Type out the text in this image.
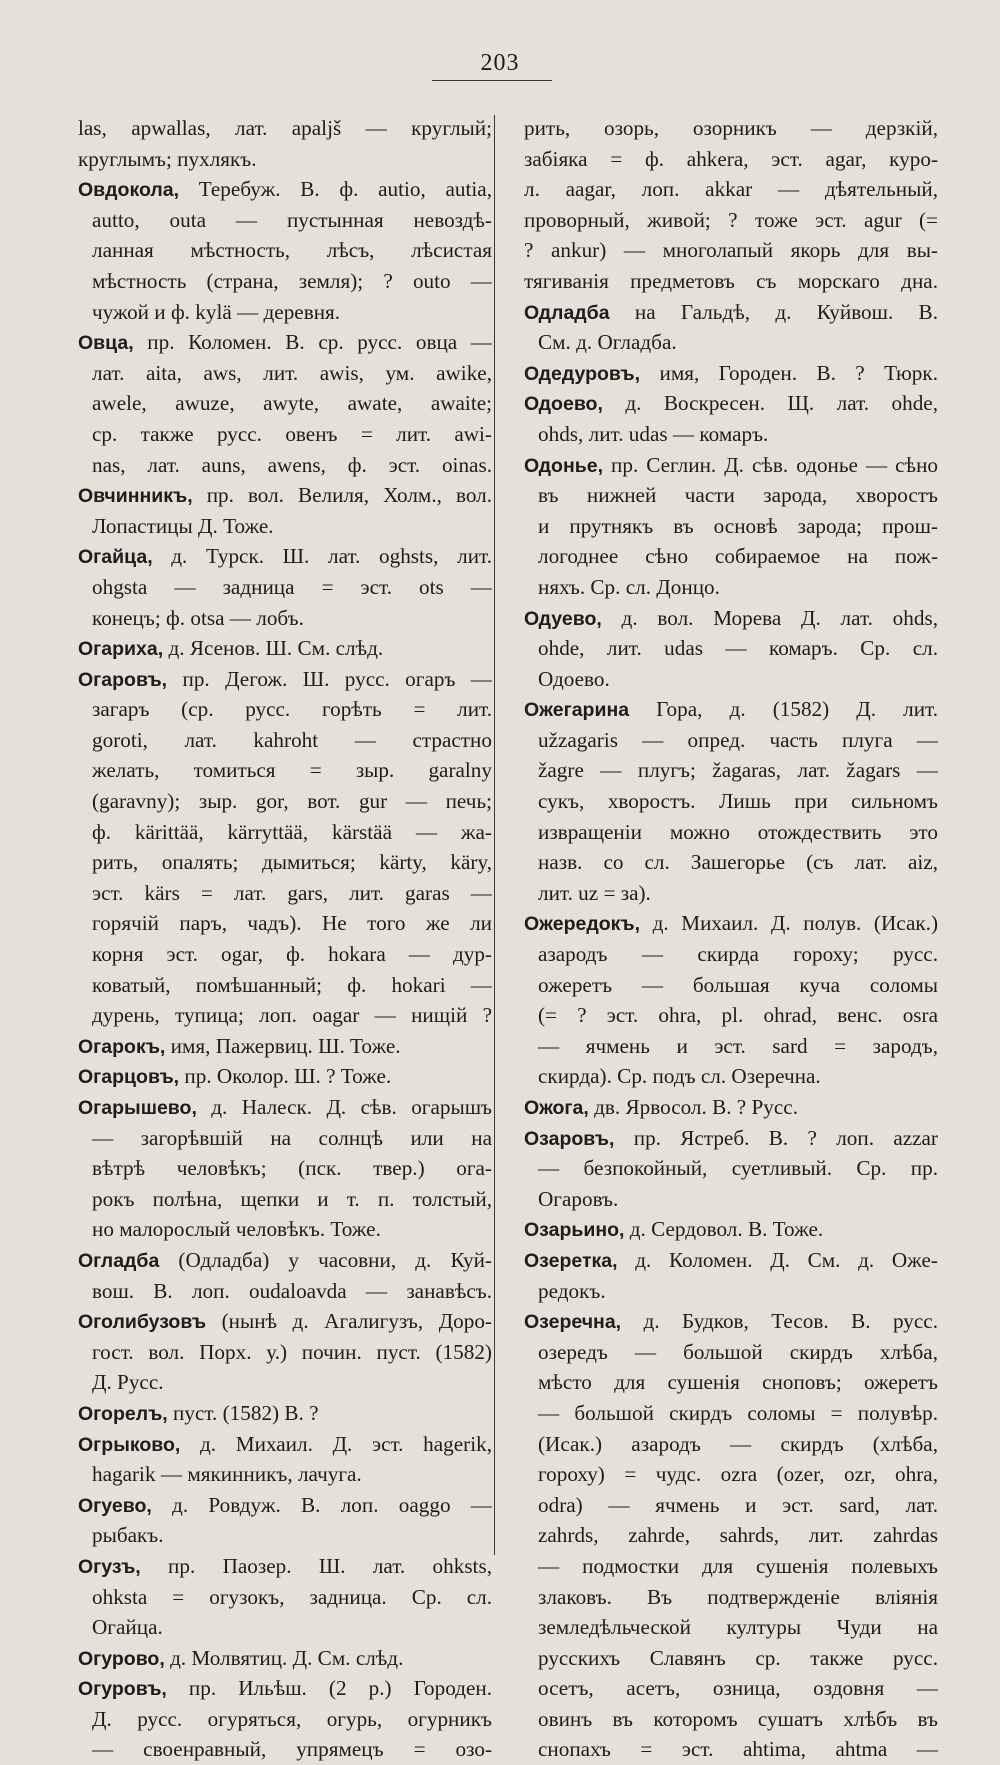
203
las, apwallas, лат. apaljš — круглый;
круглымъ; пухлякъ.
Овдокола, Теребуж. В. ф. autio, autia,
autto, outa — пустынная невоздѣ-
ланная мѣстность, лѣсъ, лѣсистая
мѣстность (страна, земля); ? outo —
чужой и ф. kylä — деревня.
Овца, пр. Коломен. В. ср. русс. овца —
лат. aita, aws, лит. awis, ум. awike,
awele, awuze, awyte, awate, awaite;
ср. также русс. овенъ = лит. awi-
nas, лат. auns, awens, ф. эст. oinas.
Овчинникъ, пр. вол. Велиля, Холм., вол.
Лопастицы Д. Тоже.
Огайца, д. Турск. Ш. лат. oghsts, лит.
ohgsta — задница = эст. ots —
конецъ; ф. otsa — лобъ.
Огариха, д. Ясенов. Ш. См. слѣд.
Огаровъ, пр. Дегож. Ш. русс. огаръ —
загаръ (ср. русс. горѣть = лит.
goroti, лат. kahroht — страстно
желать, томиться = зыр. garalny
(garavny); зыр. gor, вот. gur — печь;
ф. kärittää, kärryttää, kärstää — жа-
рить, опалять; дымиться; kärty, käry,
эст. kärs = лат. gars, лит. garas —
горячій паръ, чадъ). Не того же ли
корня эст. ogar, ф. hokara — дур-
коватый, помѣшанный; ф. hokari —
дурень, тупица; лоп. oagar — нищій ?
Огарокъ, имя, Пажервиц. Ш. Тоже.
Огарцовъ, пр. Околор. Ш. ? Тоже.
Огарышево, д. Налеск. Д. сѣв. огарышъ
— загорѣвшій на солнцѣ или на
вѣтрѣ человѣкъ; (пск. твер.) ога-
рокъ полѣна, щепки и т. п. толстый,
но малорослый человѣкъ. Тоже.
Огладба (Одладба) у часовни, д. Куй-
вош. В. лоп. oudaloavda — занавѣсъ.
Оголибузовъ (нынѣ д. Агалигузъ, Доро-
гост. вол. Порх. у.) почин. пуст. (1582)
Д. Русс.
Огорелъ, пуст. (1582) В. ?
Огрыково, д. Михаил. Д. эст. hagerik,
hagarik — мякинникъ, лачуга.
Огуево, д. Ровдуж. В. лоп. oaggo —
рыбакъ.
Огузъ, пр. Паозер. Ш. лат. ohksts,
ohksta = огузокъ, задница. Ср. сл.
Огайца.
Огурово, д. Молвятиц. Д. См. слѣд.
Огуровъ, пр. Ильѣш. (2 р.) Городен.
Д. русс. огуряться, огурь, огурникъ
— своенравный, упрямецъ = озо-
рить, озорь, озорникъ — дерзкій,
забіяка = ф. ahkera, эст. agar, куро-
л. aagar, лоп. akkar — дѣятельный,
проворный, живой; ? тоже эст. agur (=
? ankur) — многолапый якорь для вы-
тягиванія предметовъ съ морскаго дна.
Одладба на Гальдѣ, д. Куйвош. В.
См. д. Огладба.
Одедуровъ, имя, Городен. В. ? Тюрк.
Одоево, д. Воскресен. Щ. лат. ohde,
ohds, лит. udas — комаръ.
Одонье, пр. Сеглин. Д. сѣв. одонье — сѣно
въ нижней части зарода, хворостъ
и прутнякъ въ основѣ зарода; прош-
логоднее сѣно собираемое на пож-
няхъ. Ср. сл. Донцо.
Одуево, д. вол. Морева Д. лат. ohds,
ohde, лит. udas — комаръ. Ср. сл.
Одоево.
Ожегарина Гора, д. (1582) Д. лит.
užzagaris — опред. часть плуга —
žagre — плугъ; žagaras, лат. žagars —
сукъ, хворостъ. Лишь при сильномъ
извращеніи можно отождествить это
назв. со сл. Зашегорье (съ лат. aiz,
лит. uz = за).
Ожередокъ, д. Михаил. Д. полув. (Исак.)
азародъ — скирда гороху; русс.
ожеретъ — большая куча соломы
(= ? эст. ohra, pl. ohrad, венс. osra
— ячмень и эст. sard = зародъ,
скирда). Ср. подъ сл. Озеречна.
Ожога, дв. Ярвосол. В. ? Русс.
Озаровъ, пр. Ястреб. В. ? лоп. azzar
— безпокойный, суетливый. Ср. пр.
Огаровъ.
Озарьино, д. Сердовол. В. Тоже.
Озеретка, д. Коломен. Д. См. д. Оже-
редокъ.
Озеречна, д. Будков, Тесов. В. русс.
озередъ — большой скирдъ хлѣба,
мѣсто для сушенія сноповъ; ожеретъ
— большой скирдъ соломы = полувѣр.
(Исак.) азародъ — скирдъ (хлѣба,
гороху) = чудс. ozra (ozer, ozr, ohra,
odra) — ячмень и эст. sard, лат.
zahrds, zahrde, sahrds, лит. zahrdas
— подмостки для сушенія полевыхъ
злаковъ. Въ подтвержденіе вліянія
земледѣльческой културы Чуди на
русскихъ Славянъ ср. также русс.
осетъ, асетъ, озница, оздовня —
овинъ въ которомъ сушатъ хлѣбъ въ
снопахъ = эст. ahtima, ahtma —
